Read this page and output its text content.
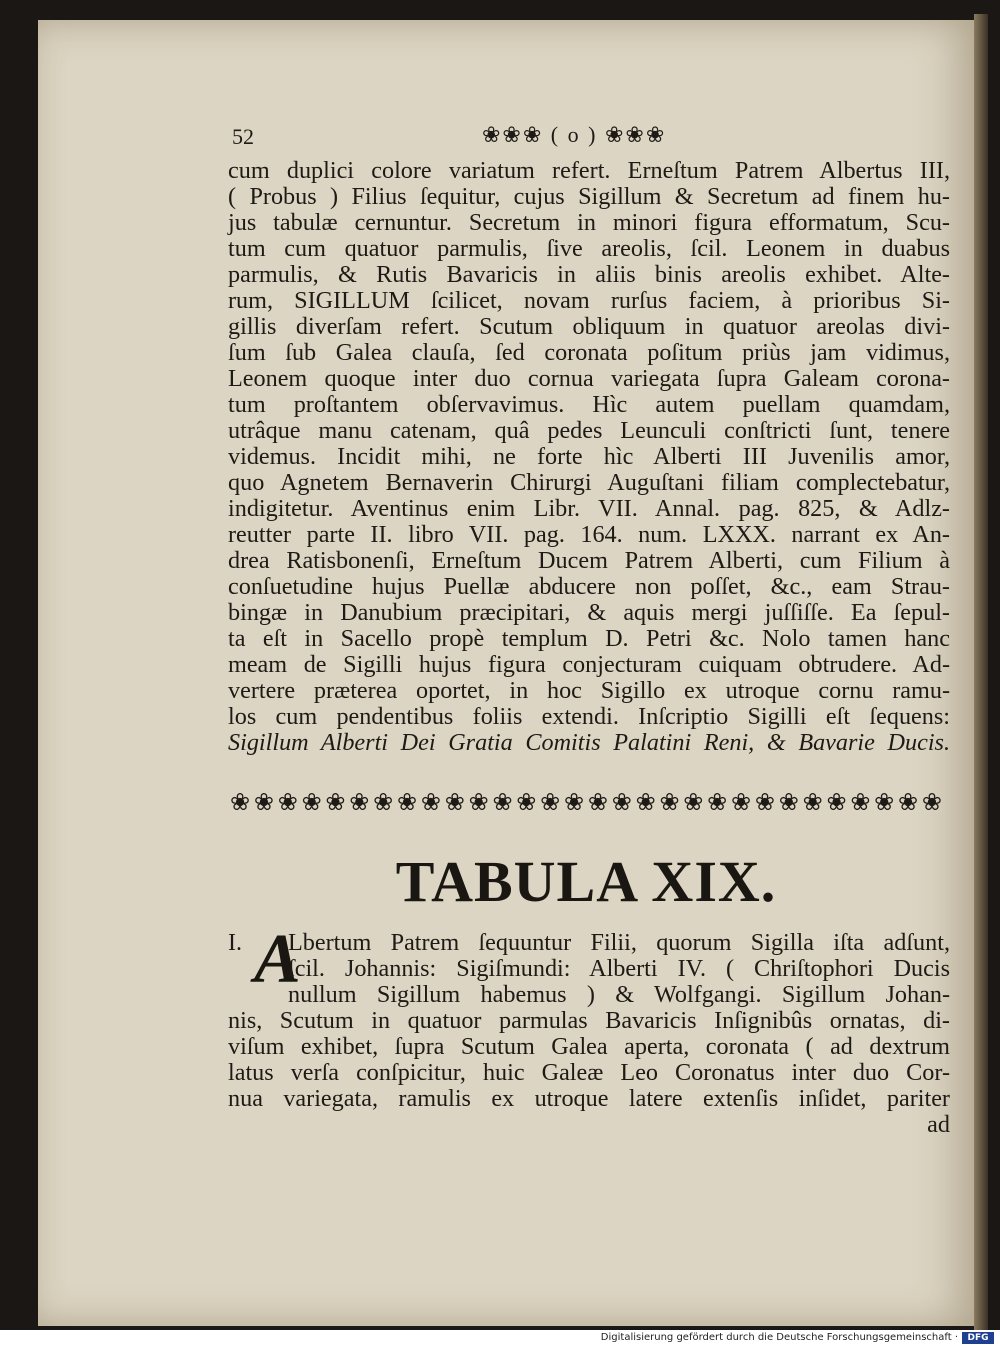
52	❀❀❀ ( o ) ❀❀❀
cum duplici colore variatum refert. Erneſtum Patrem Albertus III,
( Probus ) Filius ſequitur, cujus Sigillum & Secretum ad finem hu-
jus tabulæ cernuntur. Secretum in minori figura efformatum, Scu-
tum cum quatuor parmulis, ſive areolis, ſcil. Leonem in duabus
parmulis, & Rutis Bavaricis in aliis binis areolis exhibet. Alte-
rum, SIGILLUM ſcilicet, novam rurſus faciem, à prioribus Si-
gillis diverſam refert. Scutum obliquum in quatuor areolas divi-
ſum ſub Galea clauſa, ſed coronata poſitum priùs jam vidimus,
Leonem quoque inter duo cornua variegata ſupra Galeam corona-
tum proſtantem obſervavimus. Hìc autem puellam quamdam,
utrâque manu catenam, quâ pedes Leunculi conſtricti ſunt, tenere
videmus. Incidit mihi, ne forte hìc Alberti III Juvenilis amor,
quo Agnetem Bernaverin Chirurgi Auguſtani filiam complectebatur,
indigitetur. Aventinus enim Libr. VII. Annal. pag. 825, & Adlz-
reutter parte II. libro VII. pag. 164. num. LXXX. narrant ex An-
drea Ratisbonenſi, Erneſtum Ducem Patrem Alberti, cum Filium à
conſuetudine hujus Puellæ abducere non poſſet, &c., eam Strau-
bingæ in Danubium præcipitari, & aquis mergi juſſiſſe. Ea ſepul-
ta eſt in Sacello propè templum D. Petri &c. Nolo tamen hanc
meam de Sigilli hujus figura conjecturam cuiquam obtrudere. Ad-
vertere præterea oportet, in hoc Sigillo ex utroque cornu ramu-
los cum pendentibus foliis extendi. Inſcriptio Sigilli eſt ſequens:
Sigillum Alberti Dei Gratia Comitis Palatini Reni, & Bavarie Ducis.
❀❀❀❀❀❀❀❀❀❀❀❀❀❀❀❀❀❀❀❀❀❀❀❀❀❀❀❀❀❀
TABULA XIX.
I. A
Lbertum Patrem ſequuntur Filii, quorum Sigilla iſta adſunt,
ſcil. Johannis: Sigiſmundi: Alberti IV. ( Chriſtophori Ducis
nullum Sigillum habemus ) & Wolfgangi. Sigillum Johan-
nis, Scutum in quatuor parmulas Bavaricis Inſignibûs ornatas, di-
viſum exhibet, ſupra Scutum Galea aperta, coronata ( ad dextrum
latus verſa conſpicitur, huic Galeæ Leo Coronatus inter duo Cor-
nua variegata, ramulis ex utroque latere extenſis inſidet, pariter
ad
Digitalisierung gefördert durch die Deutsche Forschungsgemeinschaft ·	DFG
